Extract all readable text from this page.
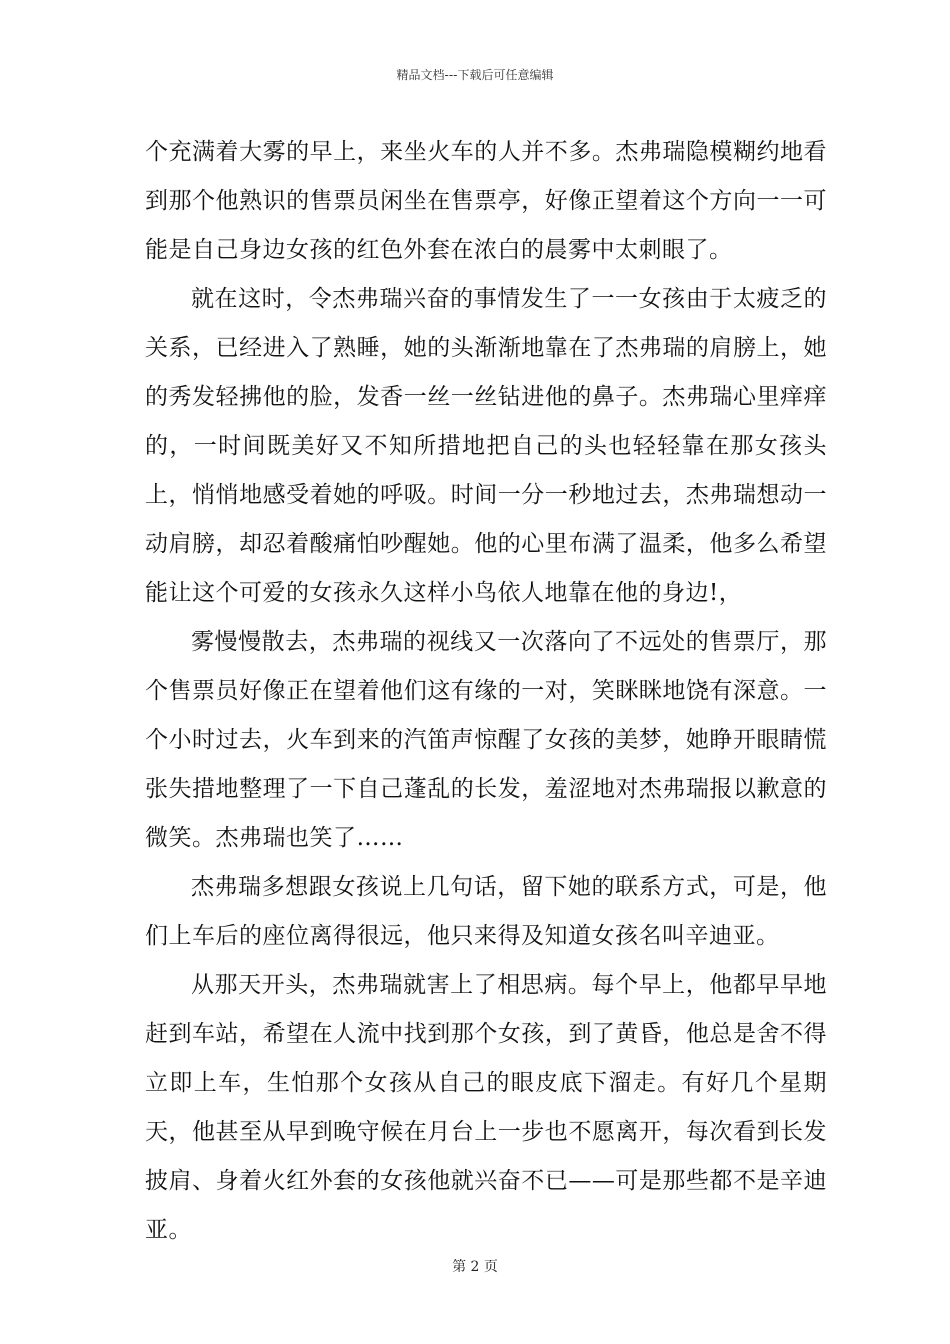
精品文档---下载后可任意编辑

个充满着大雾的早上，来坐火车的人并不多。杰弗瑞隐模糊约地看到那个他熟识的售票员闲坐在售票亭，好像正望着这个方向一一可能是自己身边女孩的红色外套在浓白的晨雾中太刺眼了。

就在这时，令杰弗瑞兴奋的事情发生了一一女孩由于太疲乏的关系，已经进入了熟睡，她的头渐渐地靠在了杰弗瑞的肩膀上，她的秀发轻拂他的脸，发香一丝一丝钻进他的鼻子。杰弗瑞心里痒痒的，一时间既美好又不知所措地把自己的头也轻轻靠在那女孩头上，悄悄地感受着她的呼吸。时间一分一秒地过去，杰弗瑞想动一动肩膀，却忍着酸痛怕吵醒她。他的心里布满了温柔，他多么希望能让这个可爱的女孩永久这样小鸟依人地靠在他的身边!，

雾慢慢散去，杰弗瑞的视线又一次落向了不远处的售票厅，那个售票员好像正在望着他们这有缘的一对，笑眯眯地饶有深意。一个小时过去，火车到来的汽笛声惊醒了女孩的美梦，她睁开眼睛慌张失措地整理了一下自己蓬乱的长发，羞涩地对杰弗瑞报以歉意的微笑。杰弗瑞也笑了……

杰弗瑞多想跟女孩说上几句话，留下她的联系方式，可是，他们上车后的座位离得很远，他只来得及知道女孩名叫辛迪亚。

从那天开头，杰弗瑞就害上了相思病。每个早上，他都早早地赶到车站，希望在人流中找到那个女孩，到了黄昏，他总是舍不得立即上车，生怕那个女孩从自己的眼皮底下溜走。有好几个星期天，他甚至从早到晚守候在月台上一步也不愿离开，每次看到长发披肩、身着火红外套的女孩他就兴奋不已——可是那些都不是辛迪亚。

第 2 页
